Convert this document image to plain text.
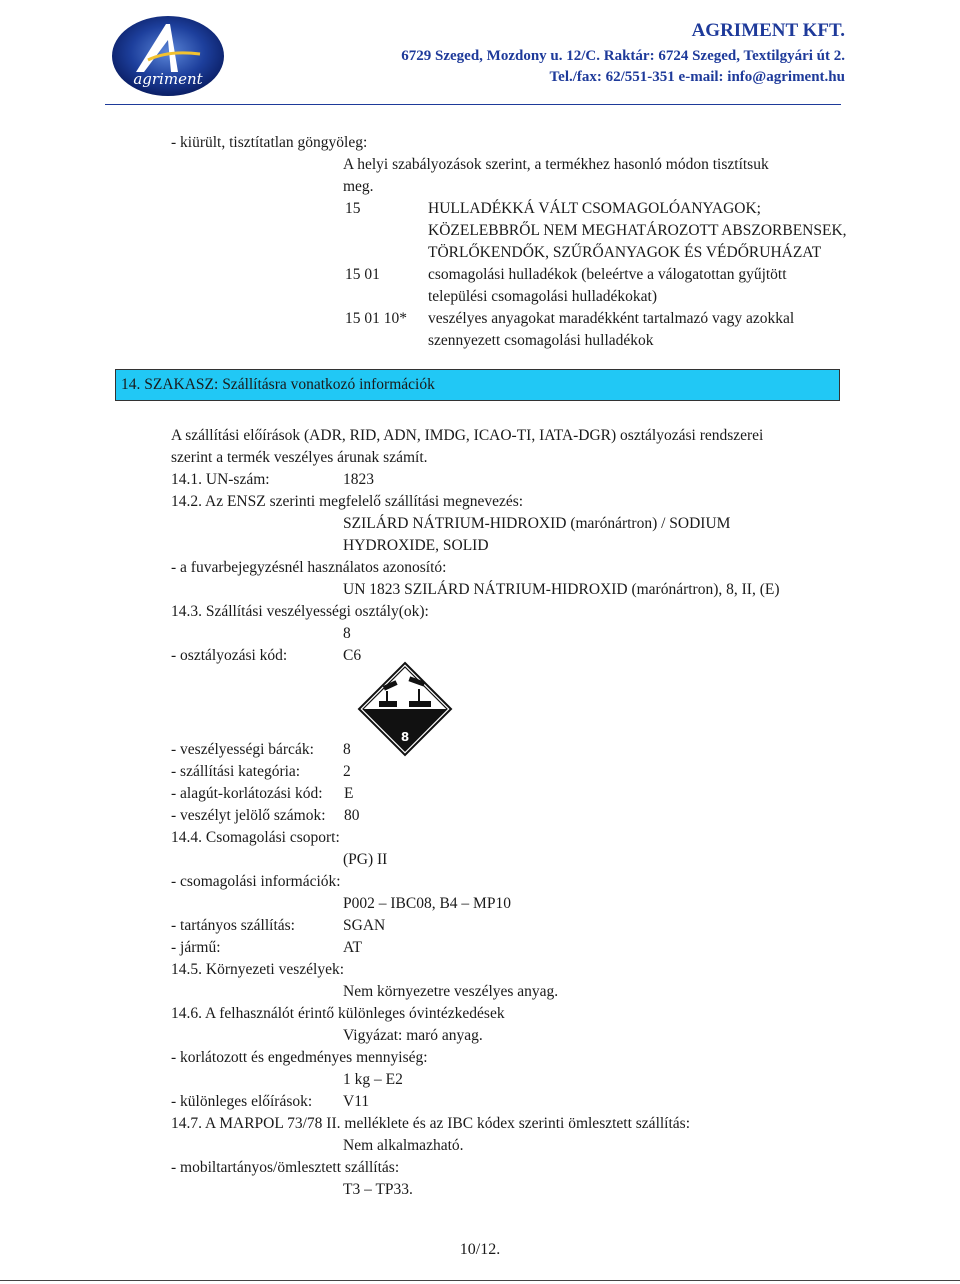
agriment
AGRIMENT KFT.
6729 Szeged, Mozdony u. 12/C. Raktár: 6724 Szeged, Textilgyári út 2.
Tel./fax: 62/551-351 e-mail: info@agriment.hu
- kiürült, tisztítatlan göngyöleg:
A helyi szabályozások szerint, a termékhez hasonló módon tisztítsuk
meg.
15	HULLADÉKKÁ VÁLT CSOMAGOLÓANYAGOK;
KÖZELEBBRŐL NEM MEGHATÁROZOTT ABSZORBENSEK,
TÖRLŐKENDŐK, SZŰRŐANYAGOK ÉS VÉDŐRUHÁZAT
15 01	csomagolási hulladékok (beleértve a válogatottan gyűjtött
települési csomagolási hulladékokat)
15 01 10* veszélyes anyagokat maradékként tartalmazó vagy azokkal
szennyezett csomagolási hulladékok
14. SZAKASZ: Szállításra vonatkozó információk
A szállítási előírások (ADR, RID, ADN, IMDG, ICAO-TI, IATA-DGR) osztályozási rendszerei
szerint a termék veszélyes árunak számít.
14.1. UN-szám:	1823
14.2. Az ENSZ szerinti megfelelő szállítási megnevezés:
SZILÁRD NÁTRIUM-HIDROXID (marónártron) / SODIUM
HYDROXIDE, SOLID
- a fuvarbejegyzésnél használatos azonosító:
UN 1823 SZILÁRD NÁTRIUM-HIDROXID (marónártron), 8, II, (E)
14.3. Szállítási veszélyességi osztály(ok):
8
- osztályozási kód:	C6
8
- veszélyességi bárcák: 8
- szállítási kategória:	2
- alagút-korlátozási kód: E
- veszélyt jelölő számok: 80
14.4. Csomagolási csoport:
(PG) II
- csomagolási információk:
P002 – IBC08, B4 – MP10
- tartányos szállítás:	SGAN
- jármű:	AT
14.5. Környezeti veszélyek:
Nem környezetre veszélyes anyag.
14.6. A felhasználót érintő különleges óvintézkedések
Vigyázat: maró anyag.
- korlátozott és engedményes mennyiség:
1 kg – E2
- különleges előírások: V11
14.7. A MARPOL 73/78 II. melléklete és az IBC kódex szerinti ömlesztett szállítás:
Nem alkalmazható.
- mobiltartányos/ömlesztett szállítás:
T3 – TP33.
10/12.
